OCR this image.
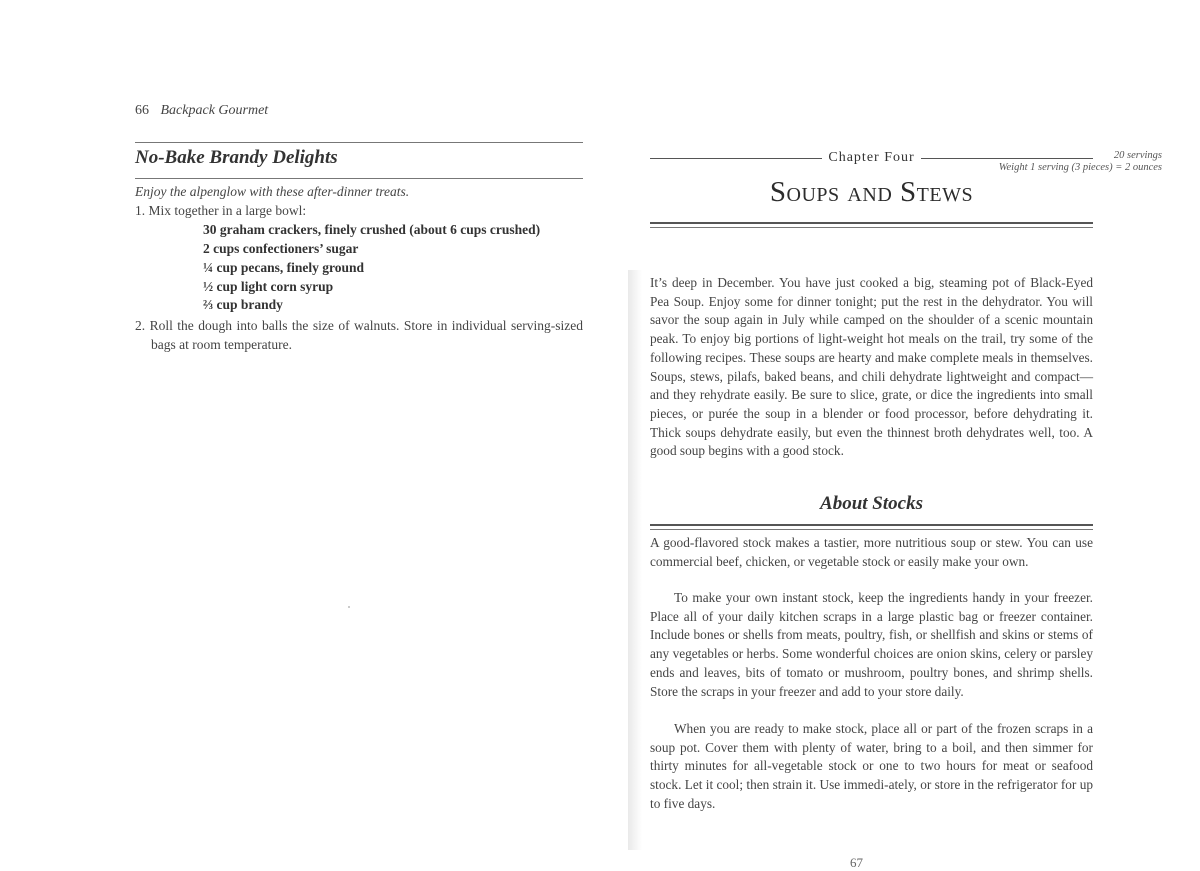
66 Backpack Gourmet
No-Bake Brandy Delights	20 servings
Weight 1 serving (3 pieces) = 2 ounces

Enjoy the alpenglow with these after-dinner treats.

1. Mix together in a large bowl:

30 graham crackers, finely crushed (about 6 cups crushed)
2 cups confectioners’ sugar
¼ cup pecans, finely ground
½ cup light corn syrup
⅔ cup brandy

2. Roll the dough into balls the size of walnuts. Store in individual serving-sized bags at room temperature.

Chapter Four
Soups and Stews

It’s deep in December. You have just cooked a big, steaming pot of Black-Eyed Pea Soup. Enjoy some for dinner tonight; put the rest in the dehydrator. You will savor the soup again in July while camped on the shoulder of a scenic mountain peak. To enjoy big portions of light-weight hot meals on the trail, try some of the following recipes. These soups are hearty and make complete meals in themselves. Soups, stews, pilafs, baked beans, and chili dehydrate lightweight and compact—and they rehydrate easily. Be sure to slice, grate, or dice the ingredients into small pieces, or purée the soup in a blender or food processor, before dehydrating it. Thick soups dehydrate easily, but even the thinnest broth dehydrates well, too. A good soup begins with a good stock.

About Stocks

A good-flavored stock makes a tastier, more nutritious soup or stew. You can use commercial beef, chicken, or vegetable stock or easily make your own.

To make your own instant stock, keep the ingredients handy in your freezer. Place all of your daily kitchen scraps in a large plastic bag or freezer container. Include bones or shells from meats, poultry, fish, or shellfish and skins or stems of any vegetables or herbs. Some wonderful choices are onion skins, celery or parsley ends and leaves, bits of tomato or mushroom, poultry bones, and shrimp shells. Store the scraps in your freezer and add to your store daily.

When you are ready to make stock, place all or part of the frozen scraps in a soup pot. Cover them with plenty of water, bring to a boil, and then simmer for thirty minutes for all-vegetable stock or one to two hours for meat or seafood stock. Let it cool; then strain it. Use immedi-ately, or store in the refrigerator for up to five days.

67
